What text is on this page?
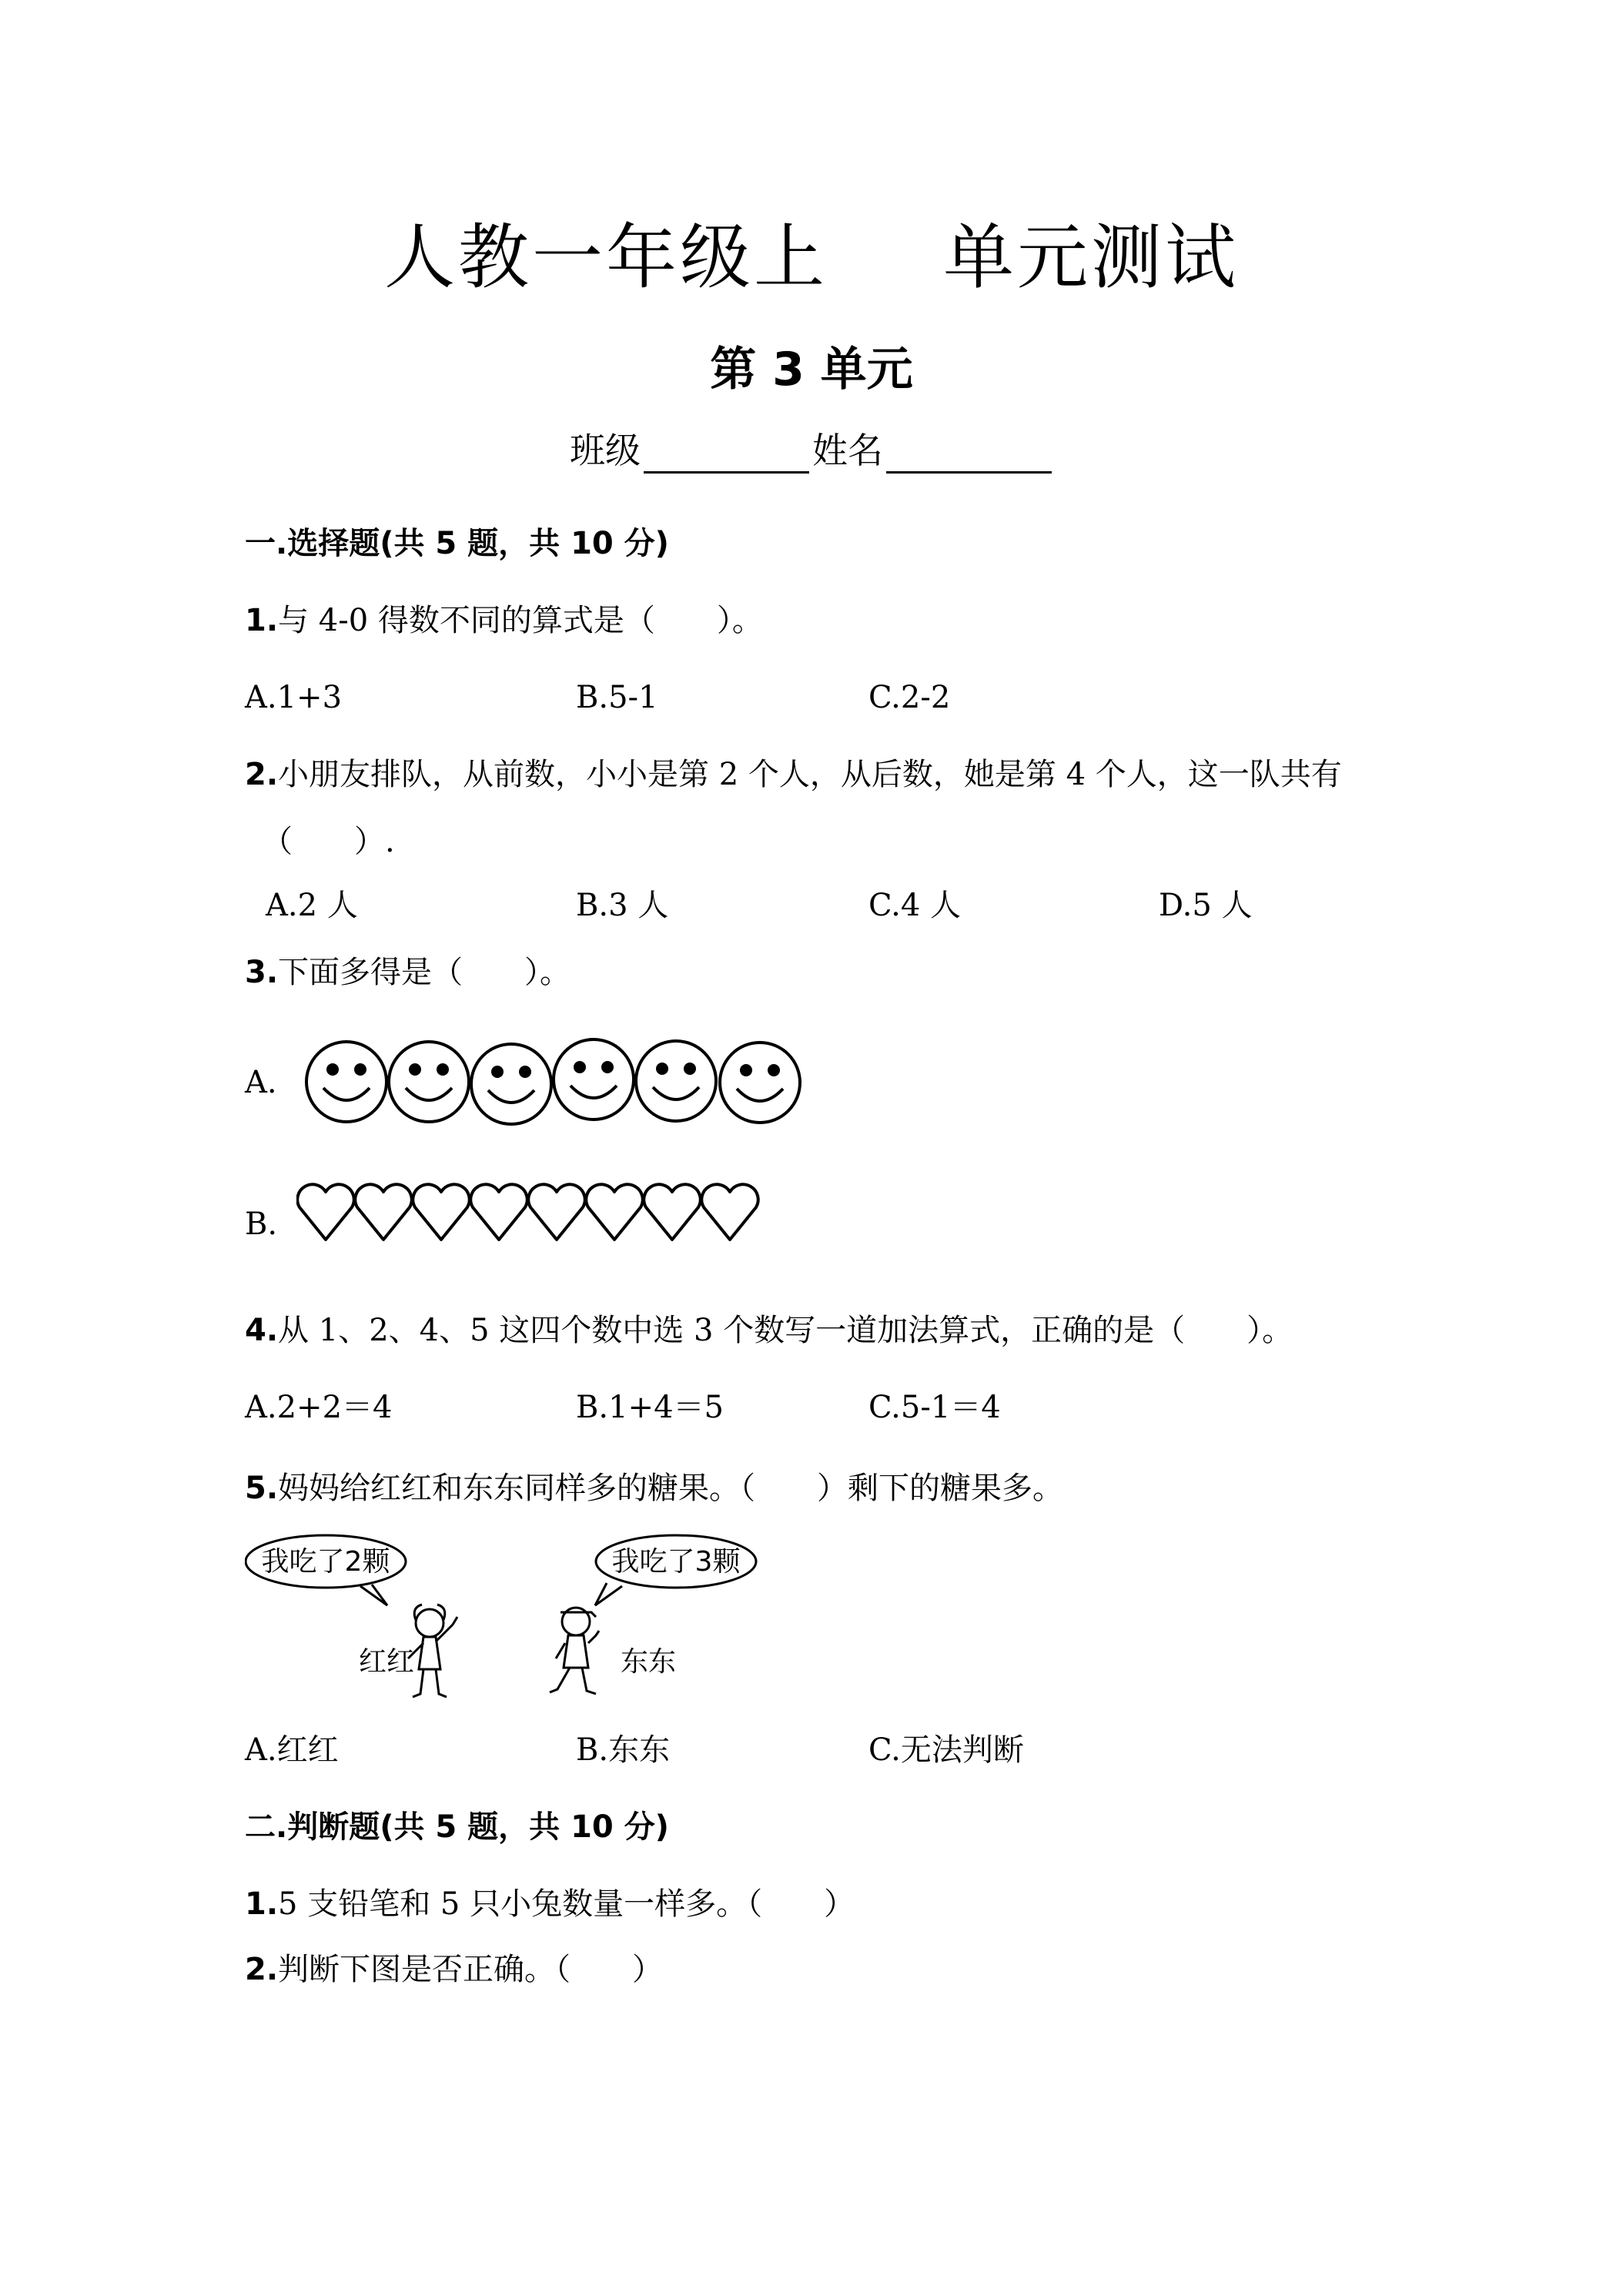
人教一年级上 单元测试
第 3 单元
班级	姓名
一.选择题(共 5 题，共 10 分)
1.与 4-0 得数不同的算式是（　　）。
A.1+3	B.5-1	C.2-2
2.小朋友排队，从前数，小小是第 2 个人，从后数，她是第 4 个人，这一队共有
（　　）.
A.2 人	B.3 人	C.4 人	D.5 人
3.下面多得是（　　）。
A.
B.
4.从 1、2、4、5 这四个数中选 3 个数写一道加法算式，正确的是（　　）。
A.2+2＝4	B.1+4＝5	C.5-1＝4
5.妈妈给红红和东东同样多的糖果。（　　）剩下的糖果多。
我吃了2颗	我吃了3颗
红红	东东
A.红红	B.东东	C.无法判断
二.判断题(共 5 题，共 10 分)
1.5 支铅笔和 5 只小兔数量一样多。（　　）
2.判断下图是否正确。（　　）
